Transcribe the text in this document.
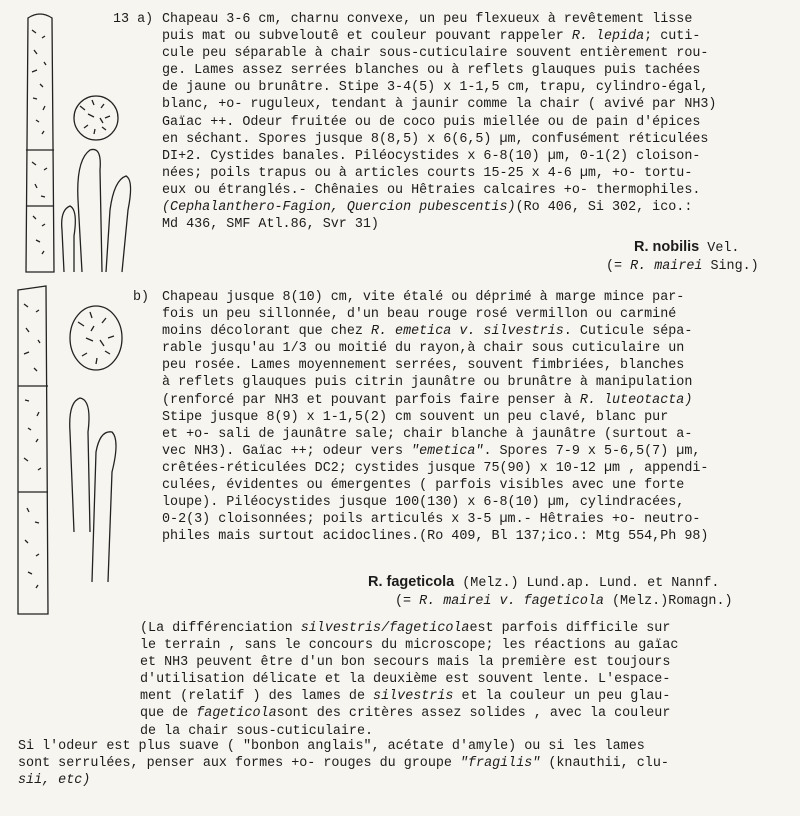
13 a) Chapeau 3-6 cm, charnu convexe, un peu flexueux à revêtement lisse
puis mat ou subveloutê et couleur pouvant rappeler R. lepida; cuti-
cule peu séparable à chair sous-cuticulaire souvent entièrement rou-
ge. Lames assez serrées blanches ou à reflets glauques puis tachées
de jaune ou brunâtre. Stipe 3-4(5) x 1-1,5 cm, trapu, cylindro-égal,
blanc, +o- ruguleux, tendant à jaunir comme la chair ( avivé par NH3)
Gaïac ++. Odeur fruitée ou de coco puis miellée ou de pain d'épices
en séchant. Spores jusque 8(8,5) x 6(6,5) µm, confusément réticulées
DI+2. Cystides banales. Piléocystides x 6-8(10) µm, 0-1(2) cloison-
nées; poils trapus ou à articles courts 15-25 x 4-6 µm, +o- tortu-
eux ou étranglés.- Chênaies ou Hêtraies calcaires +o- thermophiles.
(Cephalanthero-Fagion, Quercion pubescentis)(Ro 406, Si 302, ico.:
Md 436, SMF Atl.86, Svr 31)
R. nobilis Vel.
(= R. mairei Sing.)
b) Chapeau jusque 8(10) cm, vite étalé ou déprimé à marge mince par-
fois un peu sillonnée, d'un beau rouge rosé vermillon ou carminé
moins décolorant que chez R. emetica v. silvestris. Cuticule sépa-
rable jusqu'au 1/3 ou moitié du rayon,à chair sous cuticulaire un
peu rosée. Lames moyennement serrées, souvent fimbriées, blanches
à reflets glauques puis citrin jaunâtre ou brunâtre à manipulation
(renforcé par NH3 et pouvant parfois faire penser à R. luteotacta)
Stipe jusque 8(9) x 1-1,5(2) cm souvent un peu clavé, blanc pur
et +o- sali de jaunâtre sale; chair blanche à jaunâtre (surtout a-
vec NH3). Gaïac ++; odeur vers "emetica". Spores 7-9 x 5-6,5(7) µm,
crêtées-réticulées DC2; cystides jusque 75(90) x 10-12 µm , appendi-
culées, évidentes ou émergentes ( parfois visibles avec une forte
loupe). Piléocystides jusque 100(130) x 6-8(10) µm, cylindracées,
0-2(3) cloisonnées; poils articulés x 3-5 µm.- Hêtraies +o- neutro-
philes mais surtout acidoclines.(Ro 409, Bl 137;ico.: Mtg 554,Ph 98)
R. fageticola (Melz.) Lund.ap. Lund. et Nannf.
(= R. mairei v. fageticola (Melz.)Romagn.)
(La différenciation silvestris/fageticolaest parfois difficile sur
le terrain , sans le concours du microscope; les réactions au gaïac
et NH3 peuvent être d'un bon secours mais la première est toujours
d'utilisation délicate et la deuxième est souvent lente. L'espace-
ment (relatif ) des lames de silvestris et la couleur un peu glau-
que de fageticolasont des critères assez solides , avec la couleur
de la chair sous-cuticulaire.
Si l'odeur est plus suave ( "bonbon anglais", acétate d'amyle) ou si les lames
sont serrulées, penser aux formes +o- rouges du groupe "fragilis" (knauthii, clu-
sii, etc)
